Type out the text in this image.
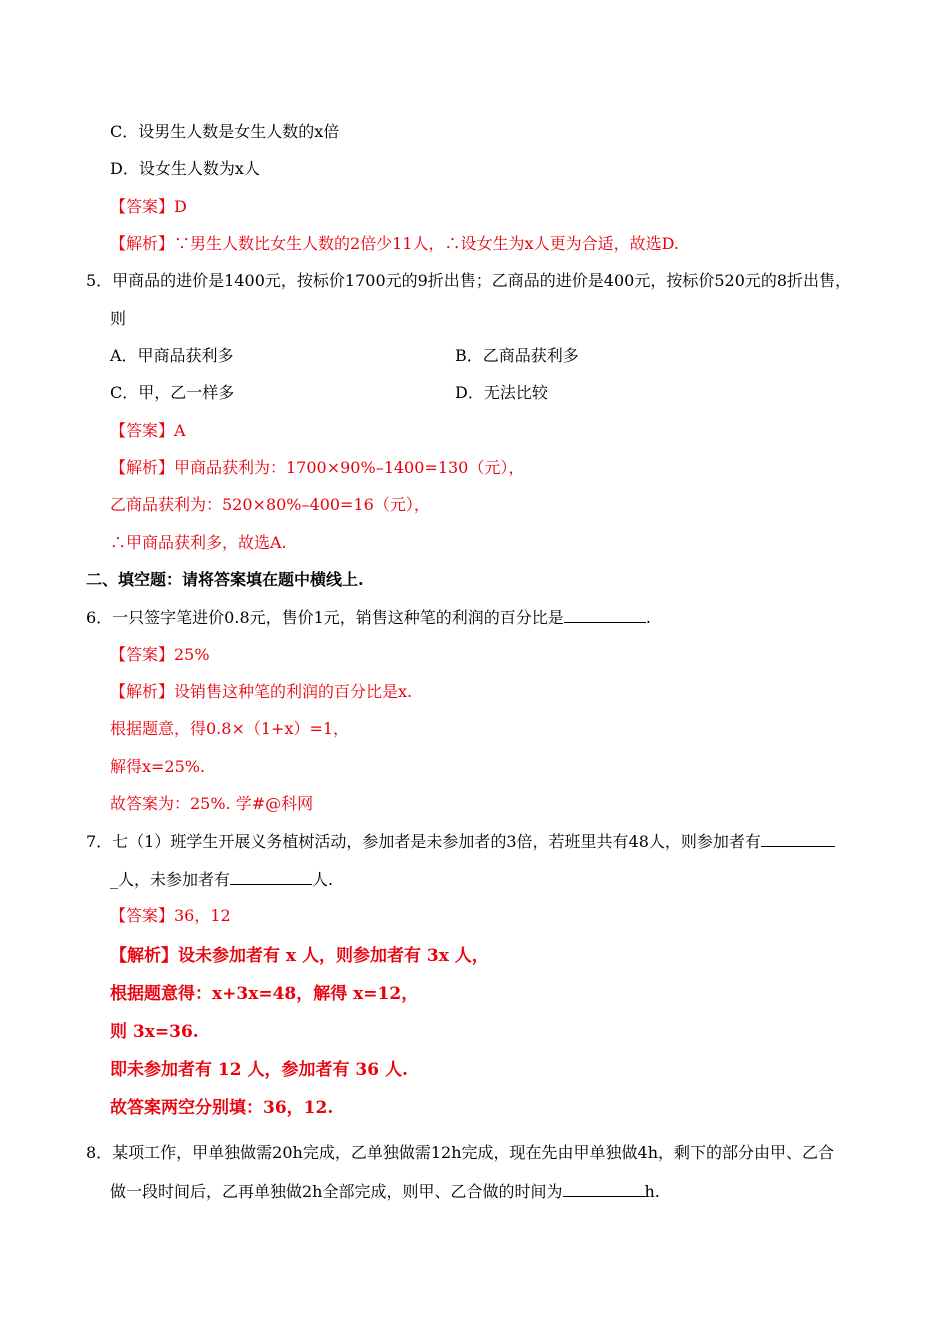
C．设男生人数是女生人数的x倍
D．设女生人数为x人
【答案】D
【解析】∵男生人数比女生人数的2倍少11人，∴设女生为x人更为合适，故选D.
5．甲商品的进价是1400元，按标价1700元的9折出售；乙商品的进价是400元，按标价520元的8折出售，
则
A．甲商品获利多	B．乙商品获利多
C．甲，乙一样多	D．无法比较
【答案】A
【解析】甲商品获利为：1700×90%–1400=130（元），
乙商品获利为：520×80%–400=16（元），
∴甲商品获利多，故选A.
二、填空题：请将答案填在题中横线上.
6．一只签字笔进价0.8元，售价1元，销售这种笔的利润的百分比是	.
【答案】25%
【解析】设销售这种笔的利润的百分比是x.
根据题意，得0.8×（1+x）=1，
解得x=25%.
故答案为：25%. 学#@科网
7．七（1）班学生开展义务植树活动，参加者是未参加者的3倍，若班里共有48人，则参加者有
_人，未参加者有	人.
【答案】36，12
【解析】设未参加者有 x 人，则参加者有 3x 人，
根据题意得：x+3x=48，解得 x=12，
则 3x=36.
即未参加者有 12 人，参加者有 36 人.
故答案两空分别填：36，12.
8．某项工作，甲单独做需20h完成，乙单独做需12h完成，现在先由甲单独做4h，剩下的部分由甲、乙合
做一段时间后，乙再单独做2h全部完成，则甲、乙合做的时间为	h.
